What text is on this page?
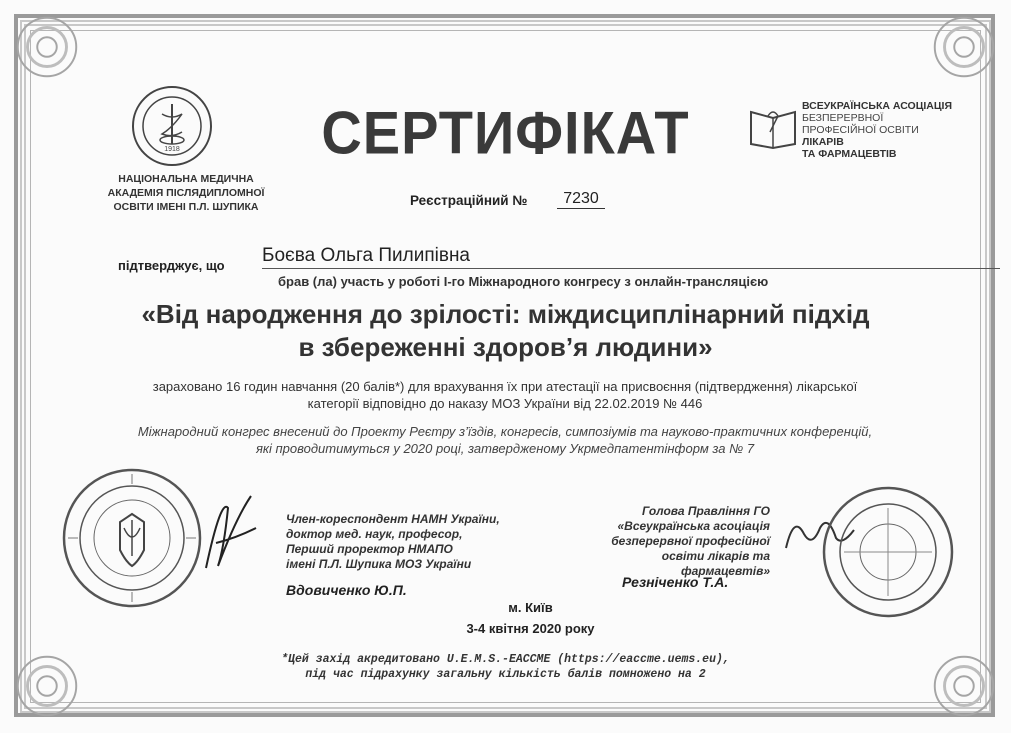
1918
НАЦІОНАЛЬНА МЕДИЧНА
АКАДЕМІЯ ПІСЛЯДИПЛОМНОЇ
ОСВІТИ ІМЕНІ П.Л. ШУПИКА
ВСЕУКРАЇНСЬКА АСОЦІАЦІЯ
БЕЗПЕРЕРВНОЇ
ПРОФЕСІЙНОЇ ОСВІТИ
ЛІКАРІВ
ТА ФАРМАЦЕВТІВ
СЕРТИФІКАТ
Реєстраційний №	7230
підтверджує, що Боєва Ольга Пилипівна
брав (ла) участь у роботі І-го Міжнародного конгресу з онлайн-трансляцією
«Від народження до зрілості: міждисциплінарний підхід
в збереженні здоров’я людини»
зараховано 16 годин навчання (20 балів*) для врахування їх при атестації на присвоєння (підтвердження) лікарської
категорії відповідно до наказу МОЗ України від 22.02.2019 № 446
Міжнародний конгрес внесений до Проекту Реєтру з’їздів, конгресів, симпозіумів та науково-практичних конференцій,
які проводитимуться у 2020 році, затвердженому Укрмедпатентінформ за № 7
Член-кореспондент НАМН України,
доктор мед. наук, професор,
Перший проректор НМАПО
імені П.Л. Шупика МОЗ України
Вдовиченко Ю.П.
Голова Правління ГО
«Всеукраїнська асоціація
безперервної професійної
освіти лікарів та фармацевтів»
Резніченко Т.А.
м. Київ
3-4 квітня 2020 року
*Цей захід акредитовано U.E.M.S.-EACCME (https://eaccme.uems.eu),
під час підрахунку загальну кількість балів помножено на 2
